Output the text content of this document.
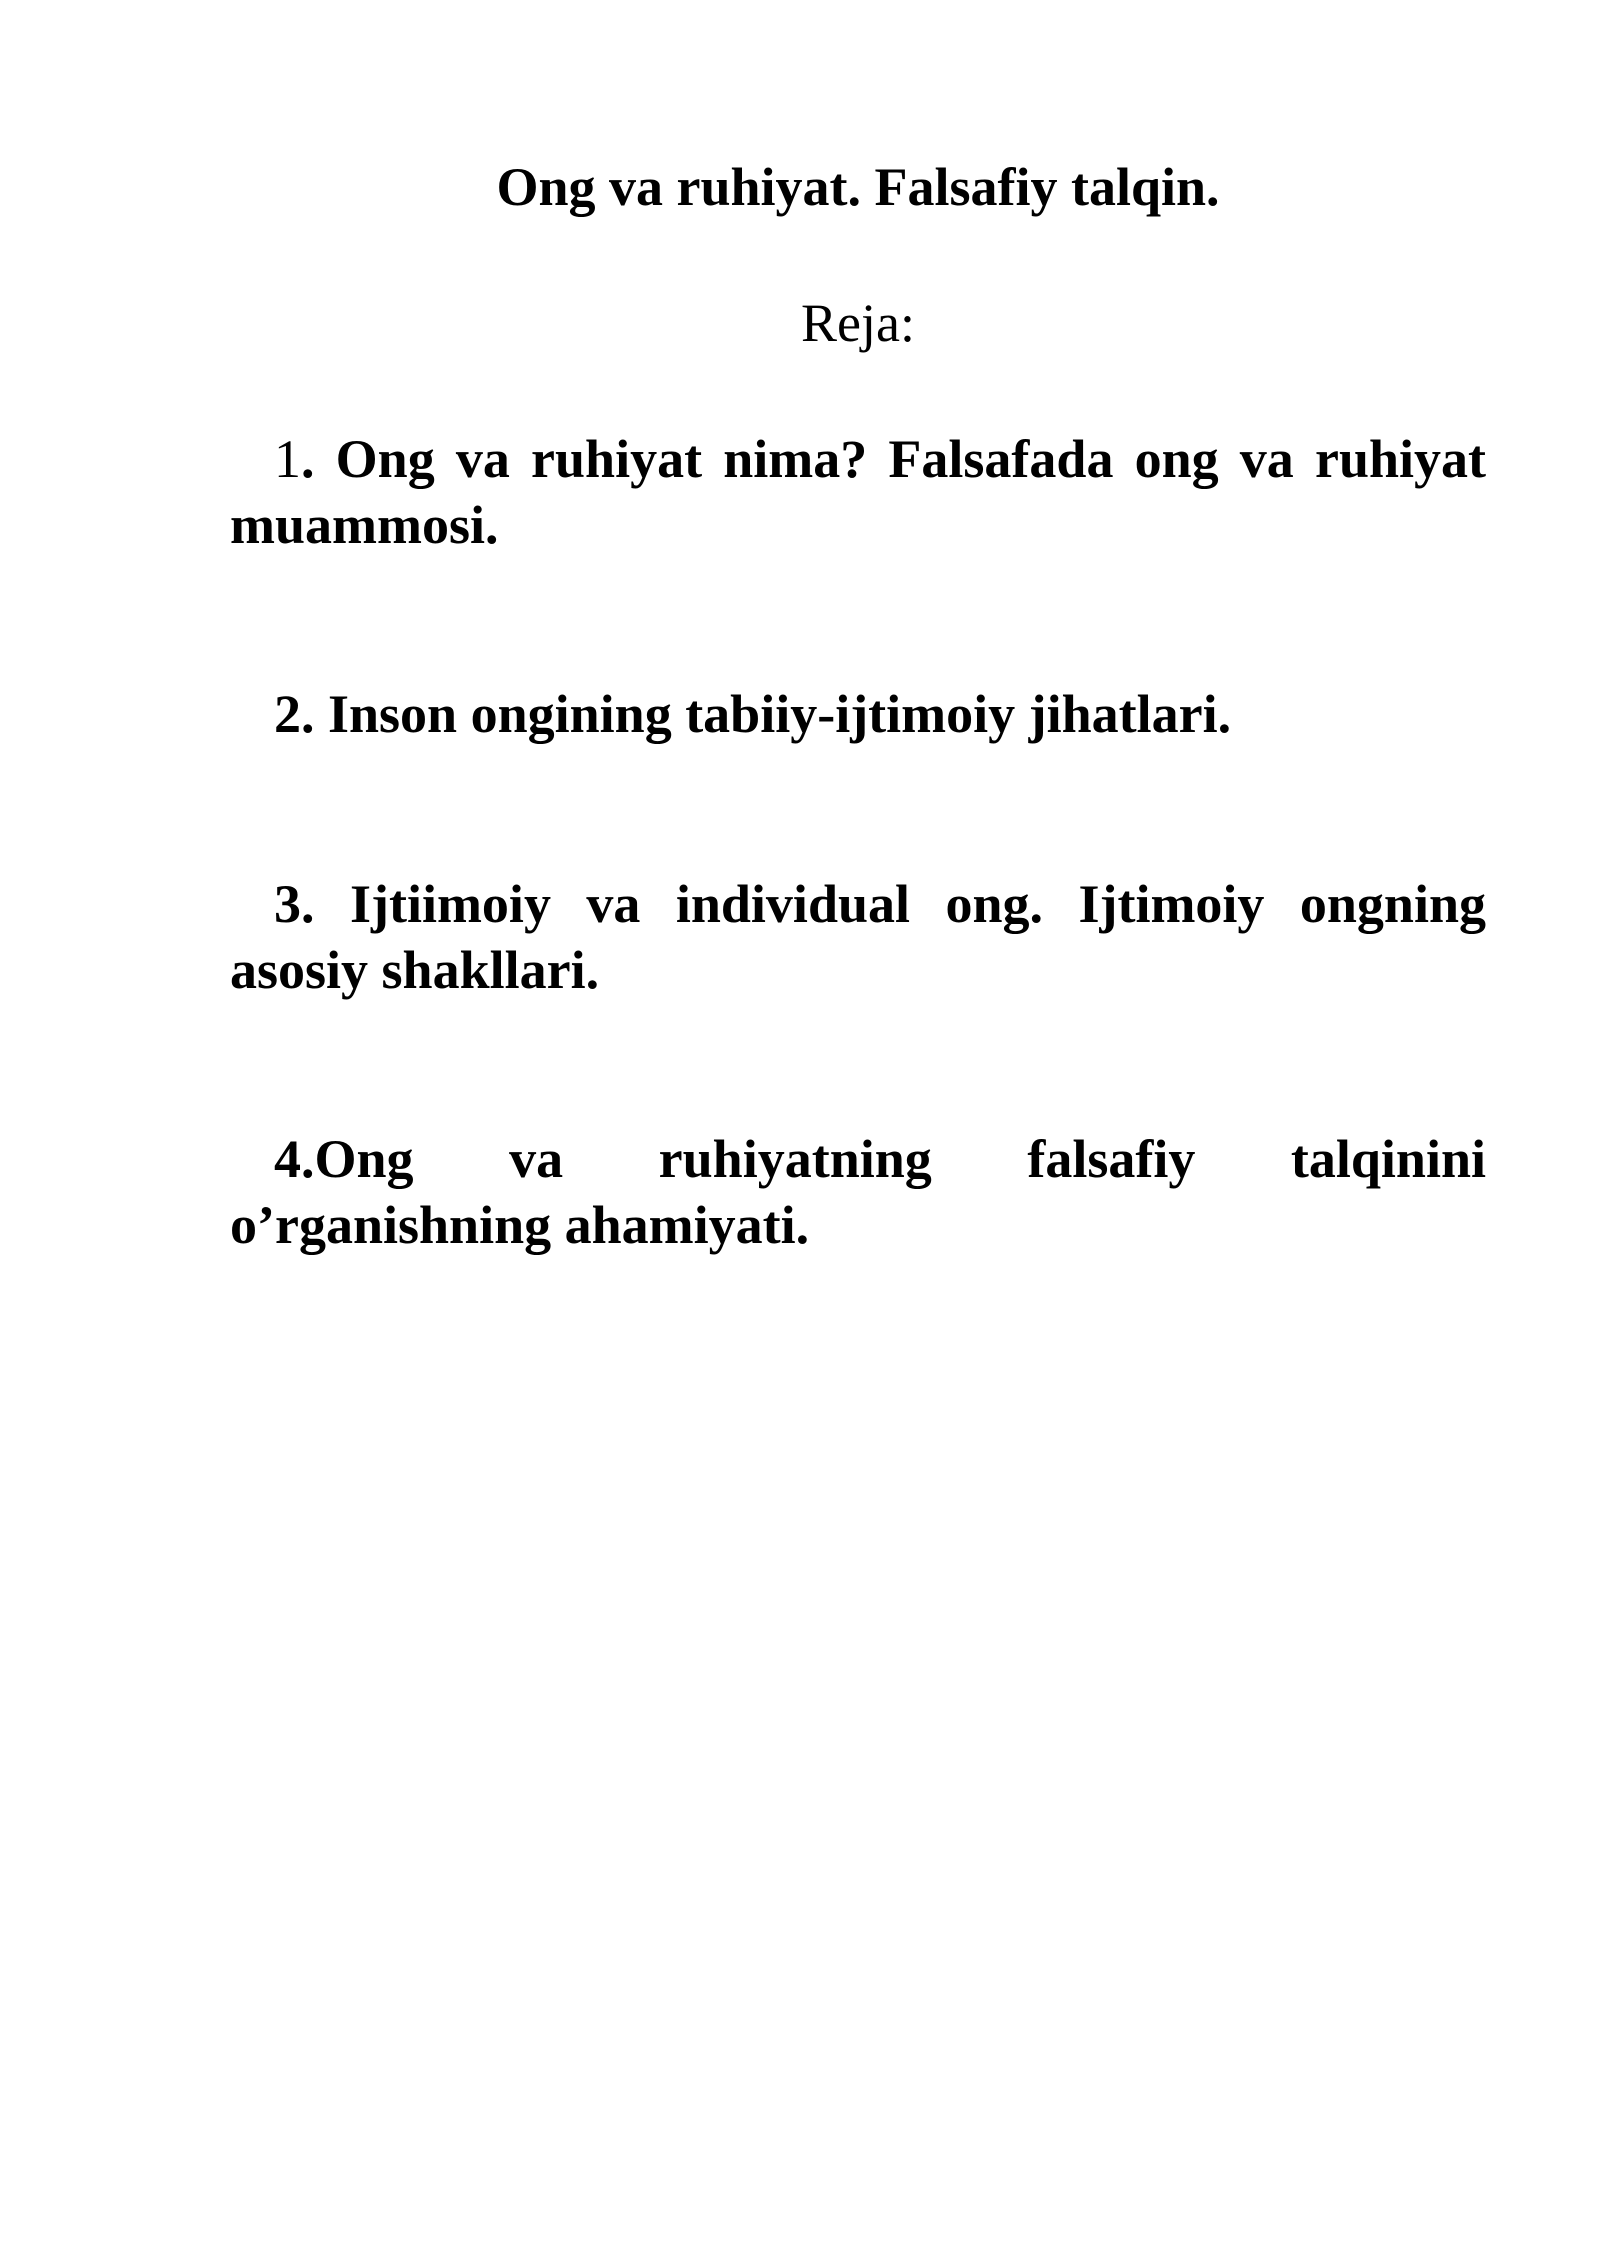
Ong va ruhiyat. Falsafiy talqin.

Reja:

1. Ong va ruhiyat nima? Falsafada ong va ruhiyat muammosi.

2. Inson ongining tabiiy-ijtimoiy jihatlari.

3. Ijtiimoiy va individual ong. Ijtimoiy ongning asosiy shakllari.

4.Ong va ruhiyatning falsafiy talqinini o’rganishning ahamiyati.
